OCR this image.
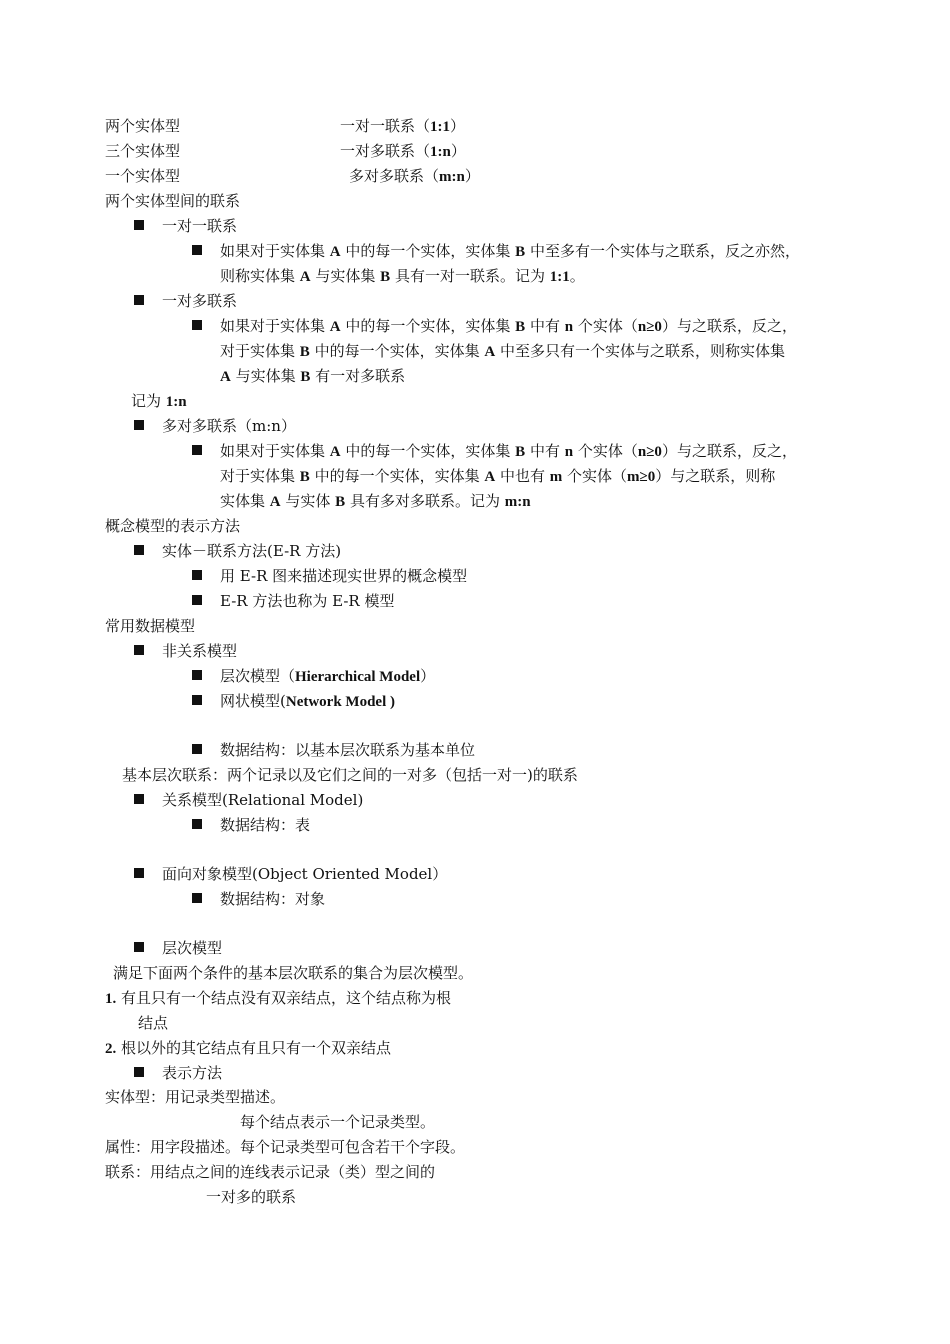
两个实体型	一对一联系（1:1）
三个实体型	一对多联系（1:n）
一个实体型	多对多联系（m:n）
两个实体型间的联系
一对一联系
如果对于实体集 A 中的每一个实体，实体集 B 中至多有一个实体与之联系，反之亦然，
则称实体集 A 与实体集 B 具有一对一联系。记为 1:1。
一对多联系
如果对于实体集 A 中的每一个实体，实体集 B 中有 n 个实体（n≥0）与之联系，反之，
对于实体集 B 中的每一个实体，实体集 A 中至多只有一个实体与之联系，则称实体集
A 与实体集 B 有一对多联系
记为 1:n
多对多联系（m:n）
如果对于实体集 A 中的每一个实体，实体集 B 中有 n 个实体（n≥0）与之联系，反之，
对于实体集 B 中的每一个实体，实体集 A 中也有 m 个实体（m≥0）与之联系，则称
实体集 A 与实体 B 具有多对多联系。记为 m:n
概念模型的表示方法
实体－联系方法(E-R 方法)
用 E-R 图来描述现实世界的概念模型
E-R 方法也称为 E-R 模型
常用数据模型
非关系模型
层次模型（Hierarchical Model）
网状模型(Network Model )
数据结构：以基本层次联系为基本单位
基本层次联系：两个记录以及它们之间的一对多（包括一对一)的联系
关系模型(Relational Model)
数据结构：表
面向对象模型(Object Oriented Model）
数据结构：对象
层次模型
满足下面两个条件的基本层次联系的集合为层次模型。
1. 有且只有一个结点没有双亲结点，这个结点称为根
结点
2. 根以外的其它结点有且只有一个双亲结点
表示方法
实体型：用记录类型描述。
每个结点表示一个记录类型。
属性：用字段描述。每个记录类型可包含若干个字段。
联系：用结点之间的连线表示记录（类）型之间的
一对多的联系
